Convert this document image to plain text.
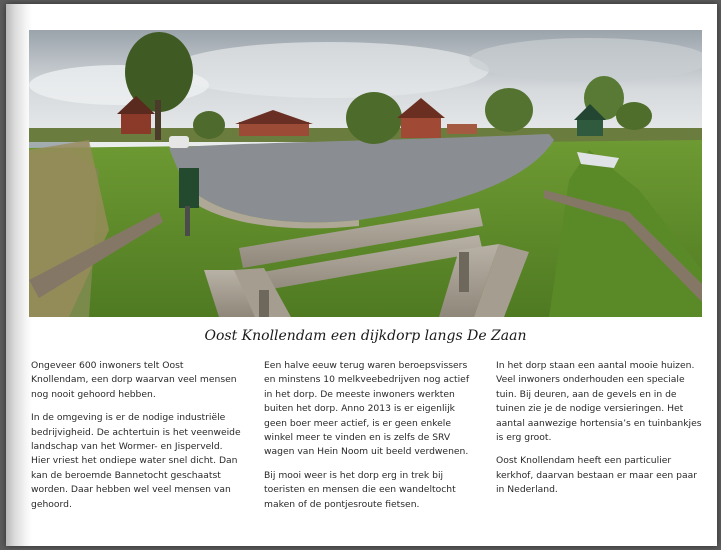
Oost Knollendam een dijkdorp langs De Zaan

Ongeveer 600 inwoners telt Oost Knollendam, een dorp waarvan veel mensen nog nooit gehoord hebben.

In de omgeving is er de nodige industriële bedrijvigheid. De achtertuin is het veenweide landschap van het Wormer- en Jisperveld. Hier vriest het ondiepe water snel dicht. Dan kan de beroemde Bannetocht geschaatst worden. Daar hebben wel veel mensen van gehoord.

Een halve eeuw terug waren beroepsvissers en minstens 10 melkveebedrijven nog actief in het dorp. De meeste inwoners werkten buiten het dorp. Anno 2013 is er eigenlijk geen boer meer actief, is er geen enkele winkel meer te vinden en is zelfs de SRV wagen van Hein Noom uit beeld verdwenen.

Bij mooi weer is het dorp erg in trek bij toeristen en mensen die een wandeltocht maken of de pontjesroute fietsen.

In het dorp staan een aantal mooie huizen. Veel inwoners onderhouden een speciale tuin. Bij deuren, aan de gevels en in de tuinen zie je de nodige versieringen. Het aantal aanwezige hortensia’s en tuinbankjes is erg groot.

Oost Knollendam heeft een particulier kerkhof, daarvan bestaan er maar een paar in Nederland.
